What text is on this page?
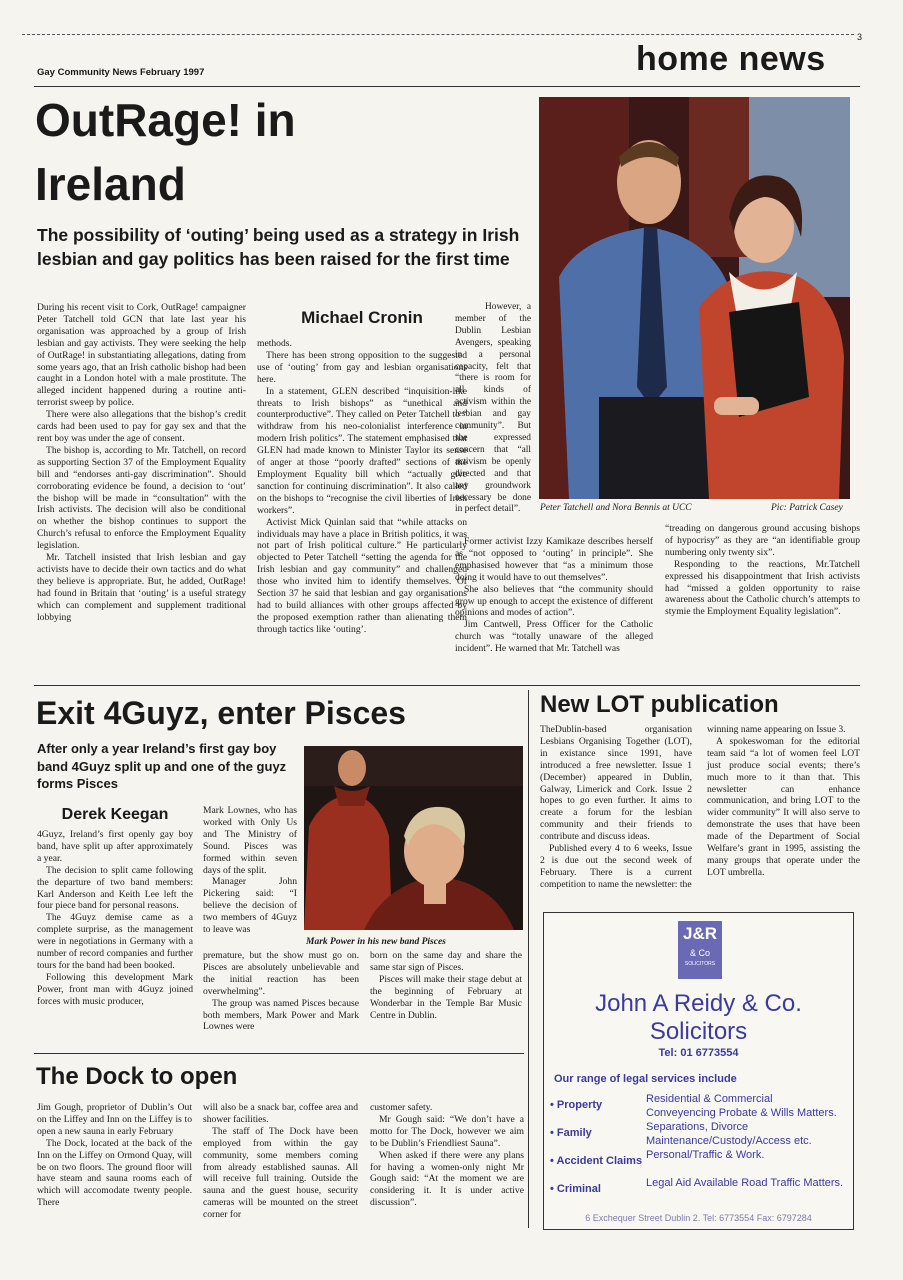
3
Gay Community News February 1997	home news
OutRage! in
Ireland
The possibility of ‘outing’ being used as a strategy in Irish lesbian and gay politics has been raised for the first time

During his recent visit to Cork, OutRage! campaigner Peter Tatchell told GCN that late last year his organisation was approached by a group of Irish lesbian and gay activists. They were seeking the help of OutRage! in substantiating allegations, dating from some years ago, that an Irish catholic bishop had been caught in a London hotel with a male prostitute. The alleged incident happened during a routine anti-terrorist sweep by police.

There were also allegations that the bishop’s credit cards had been used to pay for gay sex and that the rent boy was under the age of consent.

The bishop is, according to Mr. Tatchell, on record as supporting Section 37 of the Employment Equality bill and “endorses anti-gay discrimination”. Should corroborating evidence be found, a decision to ‘out’ the bishop will be made in “consultation” with the Irish activists. The decision will also be conditional on whether the bishop continues to support the Church’s refusal to enforce the Employment Equality legislation.

Mr. Tatchell insisted that Irish lesbian and gay activists have to decide their own tactics and do what they believe is appropriate. But, he added, OutRage! had found in Britain that ‘outing’ is a useful strategy which can complement and supplement traditional lobbying

Michael Cronin

methods.

There has been strong opposition to the suggested use of ‘outing’ from gay and lesbian organisations here.

In a statement, GLEN described “inquisition-like threats to Irish bishops” as “unethical and counterproductive”. They called on Peter Tatchell to “ withdraw from his neo-colonialist interference in modern Irish politics”. The statement emphasised that GLEN had made known to Minister Taylor its sense of anger at those “poorly drafted” sections of the Employment Equality bill which “actually give sanction for continuing discrimination”. It also called on the bishops to “recognise the civil liberties of Irish workers”.

Activist Mick Quinlan said that “while attacks on individuals may have a place in British politics, it was not part of Irish political culture.” He particularly objected to Peter Tatchell “setting the agenda for the Irish lesbian and gay community” and challenged those who invited him to identify themselves. Of Section 37 he said that lesbian and gay organisations had to build alliances with other groups affected by the proposed exemption rather than alienating them through tactics like ‘outing’.

However, a member of the Dublin Lesbian Avengers, speaking in a personal capacity, felt that “there is room for all kinds of activism within the lesbian and gay community”. But she expressed concern that “all activism be openly directed and that any groundwork necessary be done in perfect detail”.

Former activist Izzy Kamikaze describes herself as “not opposed to ‘outing’ in principle”. She emphasised however that “as a minimum those doing it would have to out themselves”.

She also believes that “the community should grow up enough to accept the existence of different opinions and modes of action”.

Jim Cantwell, Press Officer for the Catholic church was “totally unaware of the alleged incident”. He warned that Mr. Tatchell was

“treading on dangerous ground accusing bishops of hypocrisy” as they are “an identifiable group numbering only twenty six”.

Responding to the reactions, Mr.Tatchell expressed his disappointment that Irish activists had “missed a golden opportunity to raise awareness about the Catholic church’s attempts to stymie the Employment Equality legislation”.

Peter Tatchell and Nora Bennis at UCC	Pic: Patrick Casey
Exit 4Guyz, enter Pisces
After only a year Ireland’s first gay boy band 4Guyz split up and one of the guyz forms Pisces
Derek Keegan

4Guyz, Ireland’s first openly gay boy band, have split up after approximately a year.

The decision to split came following the departure of two band members: Karl Anderson and Keith Lee left the four piece band for personal reasons.

The 4Guyz demise came as a complete surprise, as the management were in negotiations in Germany with a number of record companies and further tours for the band had been booked.

Following this development Mark Power, front man with 4Guyz joined forces with music producer,

Mark Lownes, who has worked with Only Us and The Ministry of Sound. Pisces was formed within seven days of the split.

Manager John Pickering said: “I believe the decision of two members of 4Guyz to leave was

premature, but the show must go on. Pisces are absolutely unbelievable and the initial reaction has been overwhelming”.

The group was named Pisces because both members, Mark Power and Mark Lownes were

born on the same day and share the same star sign of Pisces.

Pisces will make their stage debut at the beginning of February at Wonderbar in the Temple Bar Music Centre in Dublin.

Mark Power in his new band Pisces
New LOT publication

TheDublin-based organisation Lesbians Organising Together (LOT), in existance since 1991, have introduced a free newsletter. Issue 1 (December) appeared in Dublin, Galway, Limerick and Cork. Issue 2 hopes to go even further. It aims to create a forum for the lesbian community and their friends to contribute and discuss ideas.

Published every 4 to 6 weeks, Issue 2 is due out the second week of February. There is a current competition to name the newsletter: the

winning name appearing on Issue 3.

A spokeswoman for the editorial team said “a lot of women feel LOT just produce social events; there’s much more to it than that. This newsletter can enhance communication, and bring LOT to the wider community” It will also serve to demonstrate the uses that have been made of the Department of Social Welfare’s grant in 1995, assisting the many groups that operate under the LOT umbrella.

J&R
& Co
SOLICITORS
John A Reidy & Co.
Solicitors
Tel: 01 6773554
Our range of legal services include
• Property	Residential & Commercial Conveyencing Probate & Wills Matters.
• Family	Separations, Divorce Maintenance/Custody/Access etc.
• Accident Claims Personal/Traffic & Work.
• Criminal	Legal Aid Available Road Traffic Matters.
6 Exchequer Street Dublin 2. Tel: 6773554 Fax: 6797284
The Dock to open

Jim Gough, proprietor of Dublin’s Out on the Liffey and Inn on the Liffey is to open a new sauna in early February

The Dock, located at the back of the Inn on the Liffey on Ormond Quay, will be on two floors. The ground floor will have steam and sauna rooms each of which will accomodate twenty people. There

will also be a snack bar, coffee area and shower facilities.

The staff of The Dock have been employed from within the gay community, some members coming from already established saunas. All will receive full training. Outside the sauna and the guest house, security cameras will be mounted on the street corner for

customer safety.

Mr Gough said: “We don’t have a motto for The Dock, however we aim to be Dublin’s Friendliest Sauna”.

When asked if there were any plans for having a women-only night Mr Gough said: “At the moment we are considering it. It is under active discussion”.
